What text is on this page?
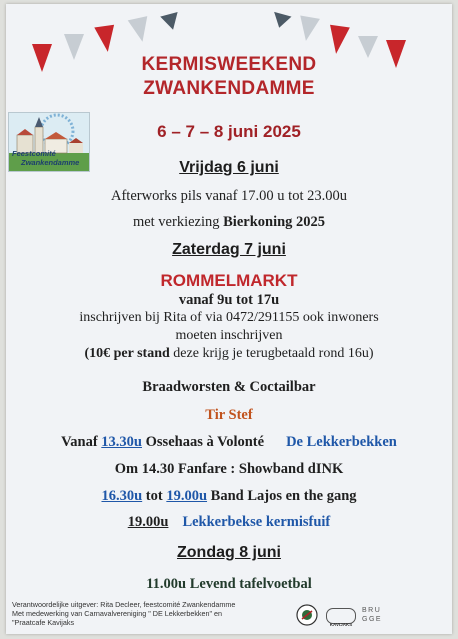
KERMISWEEKEND
ZWANKENDAMME
Feestcomité
Zwankendamme
6 – 7 – 8 juni 2025
Vrijdag 6 juni
Afterworks pils vanaf 17.00 u tot 23.00u
met verkiezing Bierkoning 2025
Zaterdag 7 juni
ROMMELMARKT
vanaf 9u tot 17u
inschrijven bij Rita of via 0472/291155 ook inwoners
moeten inschrijven
(10€ per stand deze krijg je terugbetaald rond 16u)
Braadworsten & Coctailbar
Tir Stef
Vanaf 13.30u Ossehaas à Volonté De Lekkerbekken
Om 14.30 Fanfare : Showband dINK
16.30u tot 19.00u Band Lajos en the gang
19.00u Lekkerbekse kermisfuif
Zondag 8 juni
11.00u Levend tafelvoetbal
Verantwoordelijke uitgever: Rita Decleer, feestcomité Zwankendamme
Met medewerking van Carnavalvereniging " DE Lekkerbekken" en
"Praatcafe Kavijaks	$_{KAVIJAKS}$
BRU
GGE
